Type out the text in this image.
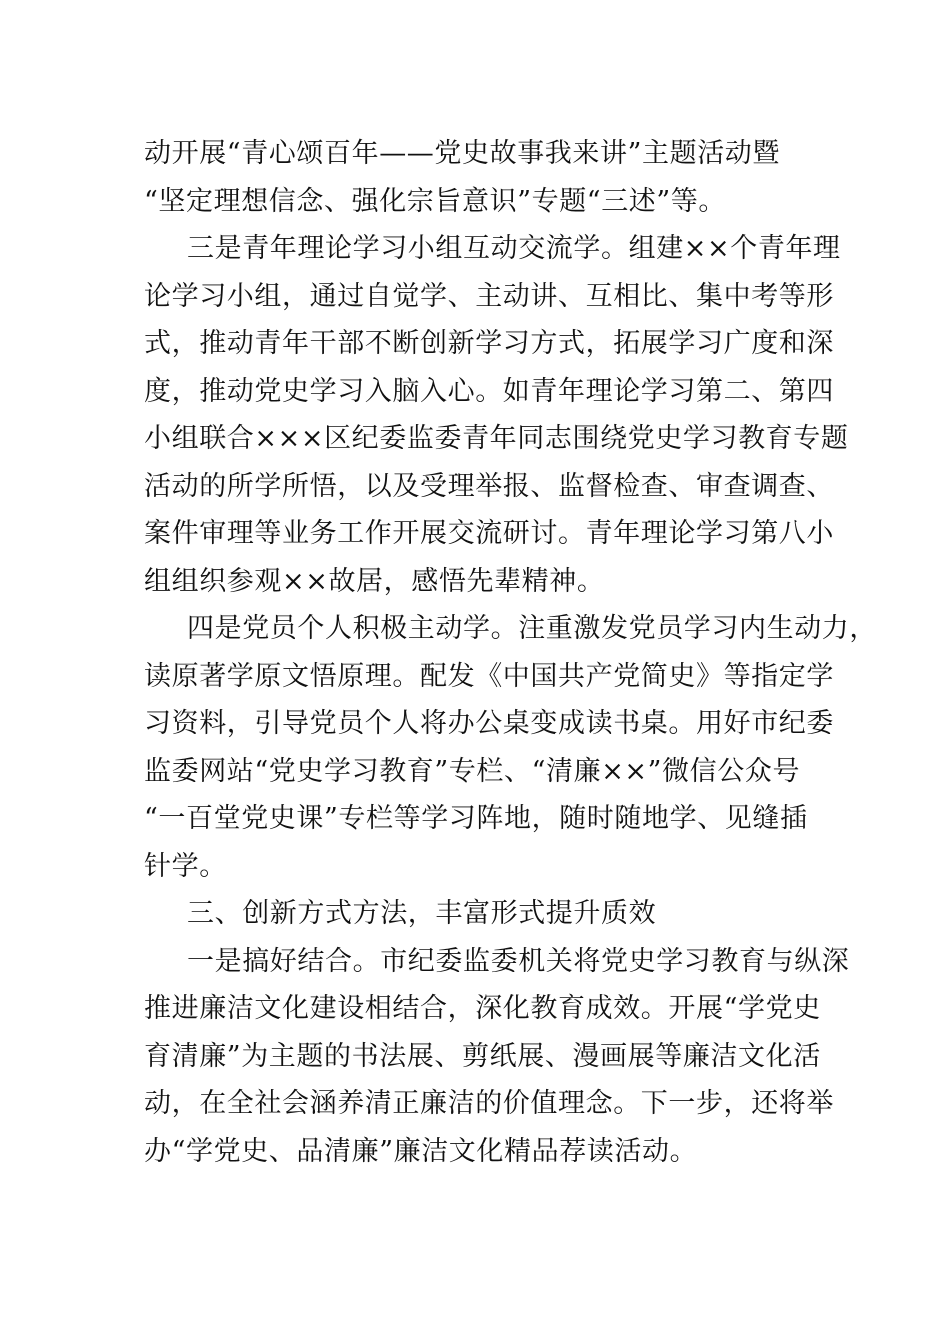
动开展“青心颂百年——党史故事我来讲”主题活动暨
“坚定理想信念、强化宗旨意识”专题“三述”等。
三是青年理论学习小组互动交流学。组建××个青年理
论学习小组，通过自觉学、主动讲、互相比、集中考等形
式，推动青年干部不断创新学习方式，拓展学习广度和深
度，推动党史学习入脑入心。如青年理论学习第二、第四
小组联合×××区纪委监委青年同志围绕党史学习教育专题
活动的所学所悟，以及受理举报、监督检查、审查调查、
案件审理等业务工作开展交流研讨。青年理论学习第八小
组组织参观××故居，感悟先辈精神。
四是党员个人积极主动学。注重激发党员学习内生动力，
读原著学原文悟原理。配发《中国共产党简史》等指定学
习资料，引导党员个人将办公桌变成读书桌。用好市纪委
监委网站“党史学习教育”专栏、“清廉××”微信公众号
“一百堂党史课”专栏等学习阵地，随时随地学、见缝插
针学。
三、创新方式方法，丰富形式提升质效
一是搞好结合。市纪委监委机关将党史学习教育与纵深
推进廉洁文化建设相结合，深化教育成效。开展“学党史
育清廉”为主题的书法展、剪纸展、漫画展等廉洁文化活
动，在全社会涵养清正廉洁的价值理念。下一步，还将举
办“学党史、品清廉”廉洁文化精品荐读活动。
